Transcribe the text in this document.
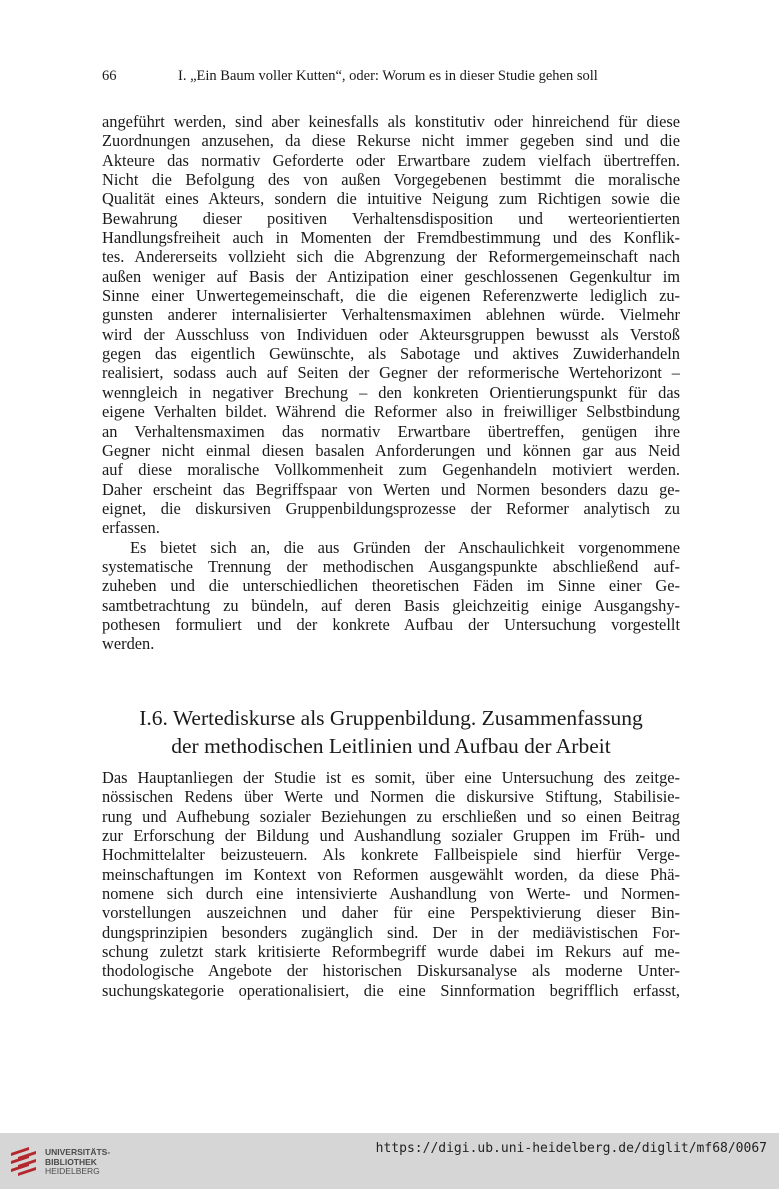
66	I. „Ein Baum voller Kutten“, oder: Worum es in dieser Studie gehen soll
angeführt werden, sind aber keinesfalls als konstitutiv oder hinreichend für diese
Zuordnungen anzusehen, da diese Rekurse nicht immer gegeben sind und die
Akteure das normativ Geforderte oder Erwartbare zudem vielfach übertreffen.
Nicht die Befolgung des von außen Vorgegebenen bestimmt die moralische
Qualität eines Akteurs, sondern die intuitive Neigung zum Richtigen sowie die
Bewahrung dieser positiven Verhaltensdisposition und werteorientierten
Handlungsfreiheit auch in Momenten der Fremdbestimmung und des Konflik-
tes. Andererseits vollzieht sich die Abgrenzung der Reformergemeinschaft nach
außen weniger auf Basis der Antizipation einer geschlossenen Gegenkultur im
Sinne einer Unwertegemeinschaft, die die eigenen Referenzwerte lediglich zu-
gunsten anderer internalisierter Verhaltensmaximen ablehnen würde. Vielmehr
wird der Ausschluss von Individuen oder Akteursgruppen bewusst als Verstoß
gegen das eigentlich Gewünschte, als Sabotage und aktives Zuwiderhandeln
realisiert, sodass auch auf Seiten der Gegner der reformerische Wertehorizont –
wenngleich in negativer Brechung – den konkreten Orientierungspunkt für das
eigene Verhalten bildet. Während die Reformer also in freiwilliger Selbstbindung
an Verhaltensmaximen das normativ Erwartbare übertreffen, genügen ihre
Gegner nicht einmal diesen basalen Anforderungen und können gar aus Neid
auf diese moralische Vollkommenheit zum Gegenhandeln motiviert werden.
Daher erscheint das Begriffspaar von Werten und Normen besonders dazu ge-
eignet, die diskursiven Gruppenbildungsprozesse der Reformer analytisch zu
erfassen.
Es bietet sich an, die aus Gründen der Anschaulichkeit vorgenommene
systematische Trennung der methodischen Ausgangspunkte abschließend auf-
zuheben und die unterschiedlichen theoretischen Fäden im Sinne einer Ge-
samtbetrachtung zu bündeln, auf deren Basis gleichzeitig einige Ausgangshy-
pothesen formuliert und der konkrete Aufbau der Untersuchung vorgestellt
werden.
I.6. Wertediskurse als Gruppenbildung. Zusammenfassung
der methodischen Leitlinien und Aufbau der Arbeit
Das Hauptanliegen der Studie ist es somit, über eine Untersuchung des zeitge-
nössischen Redens über Werte und Normen die diskursive Stiftung, Stabilisie-
rung und Aufhebung sozialer Beziehungen zu erschließen und so einen Beitrag
zur Erforschung der Bildung und Aushandlung sozialer Gruppen im Früh- und
Hochmittelalter beizusteuern. Als konkrete Fallbeispiele sind hierfür Verge-
meinschaftungen im Kontext von Reformen ausgewählt worden, da diese Phä-
nomene sich durch eine intensivierte Aushandlung von Werte- und Normen-
vorstellungen auszeichnen und daher für eine Perspektivierung dieser Bin-
dungsprinzipien besonders zugänglich sind. Der in der mediävistischen For-
schung zuletzt stark kritisierte Reformbegriff wurde dabei im Rekurs auf me-
thodologische Angebote der historischen Diskursanalyse als moderne Unter-
suchungskategorie operationalisiert, die eine Sinnformation begrifflich erfasst,
UNIVERSITÄTS-
BIBLIOTHEK
HEIDELBERG
https://digi.ub.uni-heidelberg.de/diglit/mf68/0067
